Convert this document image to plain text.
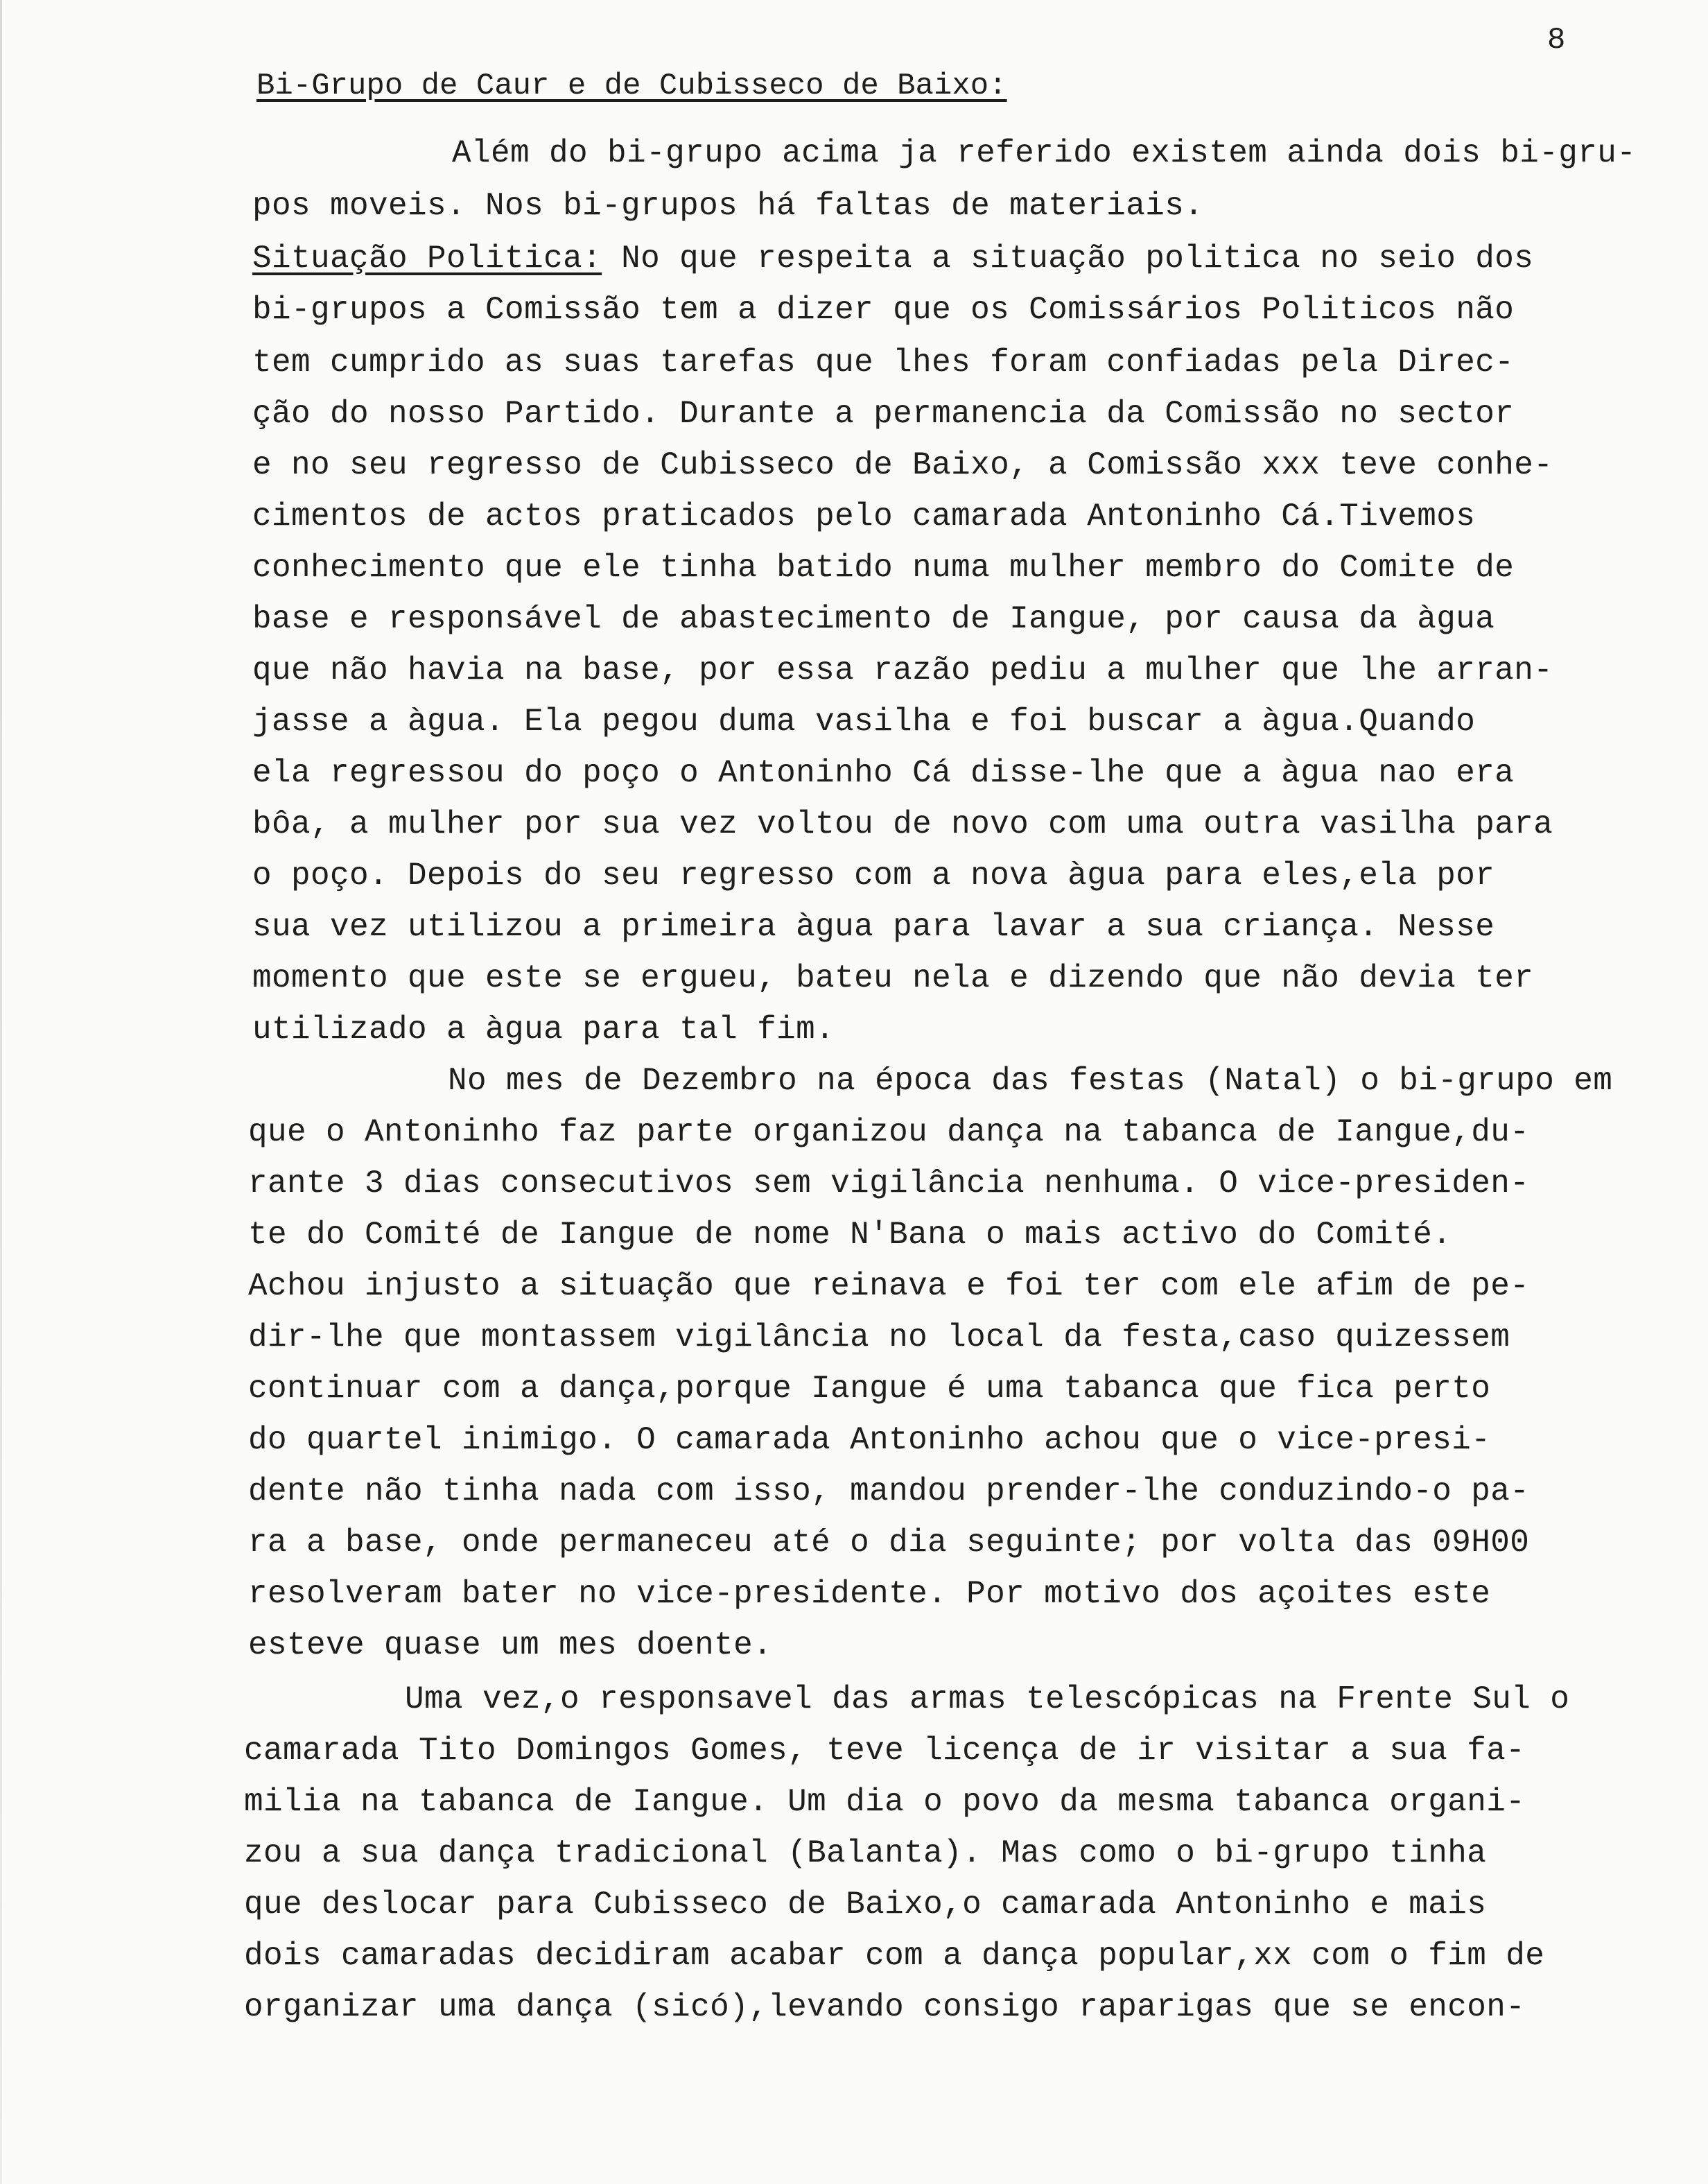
8
Bi-Grupo de Caur e de Cubisseco de Baixo:
Além do bi-grupo acima ja referido existem ainda dois bi-gru-
pos moveis. Nos bi-grupos há faltas de materiais.
Situação Politica: No que respeita a situação politica no seio dos
bi-grupos a Comissão tem a dizer que os Comissários Politicos não
tem cumprido as suas tarefas que lhes foram confiadas pela Direc-
ção do nosso Partido. Durante a permanencia da Comissão no sector
e no seu regresso de Cubisseco de Baixo, a Comissão xxx teve conhe-
cimentos de actos praticados pelo camarada Antoninho Cá.Tivemos
conhecimento que ele tinha batido numa mulher membro do Comite de
base e responsável de abastecimento de Iangue, por causa da àgua
que não havia na base, por essa razão pediu a mulher que lhe arran-
jasse a àgua. Ela pegou duma vasilha e foi buscar a àgua.Quando
ela regressou do poço o Antoninho Cá disse-lhe que a àgua nao era
bôa, a mulher por sua vez voltou de novo com uma outra vasilha para
o poço. Depois do seu regresso com a nova àgua para eles,ela por
sua vez utilizou a primeira àgua para lavar a sua criança. Nesse
momento que este se ergueu, bateu nela e dizendo que não devia ter
utilizado a àgua para tal fim.
No mes de Dezembro na época das festas (Natal) o bi-grupo em
que o Antoninho faz parte organizou dança na tabanca de Iangue,du-
rante 3 dias consecutivos sem vigilância nenhuma. O vice-presiden-
te do Comité de Iangue de nome N'Bana o mais activo do Comité.
Achou injusto a situação que reinava e foi ter com ele afim de pe-
dir-lhe que montassem vigilância no local da festa,caso quizessem
continuar com a dança,porque Iangue é uma tabanca que fica perto
do quartel inimigo. O camarada Antoninho achou que o vice-presi-
dente não tinha nada com isso, mandou prender-lhe conduzindo-o pa-
ra a base, onde permaneceu até o dia seguinte; por volta das 09H00
resolveram bater no vice-presidente. Por motivo dos açoites este
esteve quase um mes doente.
Uma vez,o responsavel das armas telescópicas na Frente Sul o
camarada Tito Domingos Gomes, teve licença de ir visitar a sua fa-
milia na tabanca de Iangue. Um dia o povo da mesma tabanca organi-
zou a sua dança tradicional (Balanta). Mas como o bi-grupo tinha
que deslocar para Cubisseco de Baixo,o camarada Antoninho e mais
dois camaradas decidiram acabar com a dança popular,xx com o fim de
organizar uma dança (sicó),levando consigo raparigas que se encon-
